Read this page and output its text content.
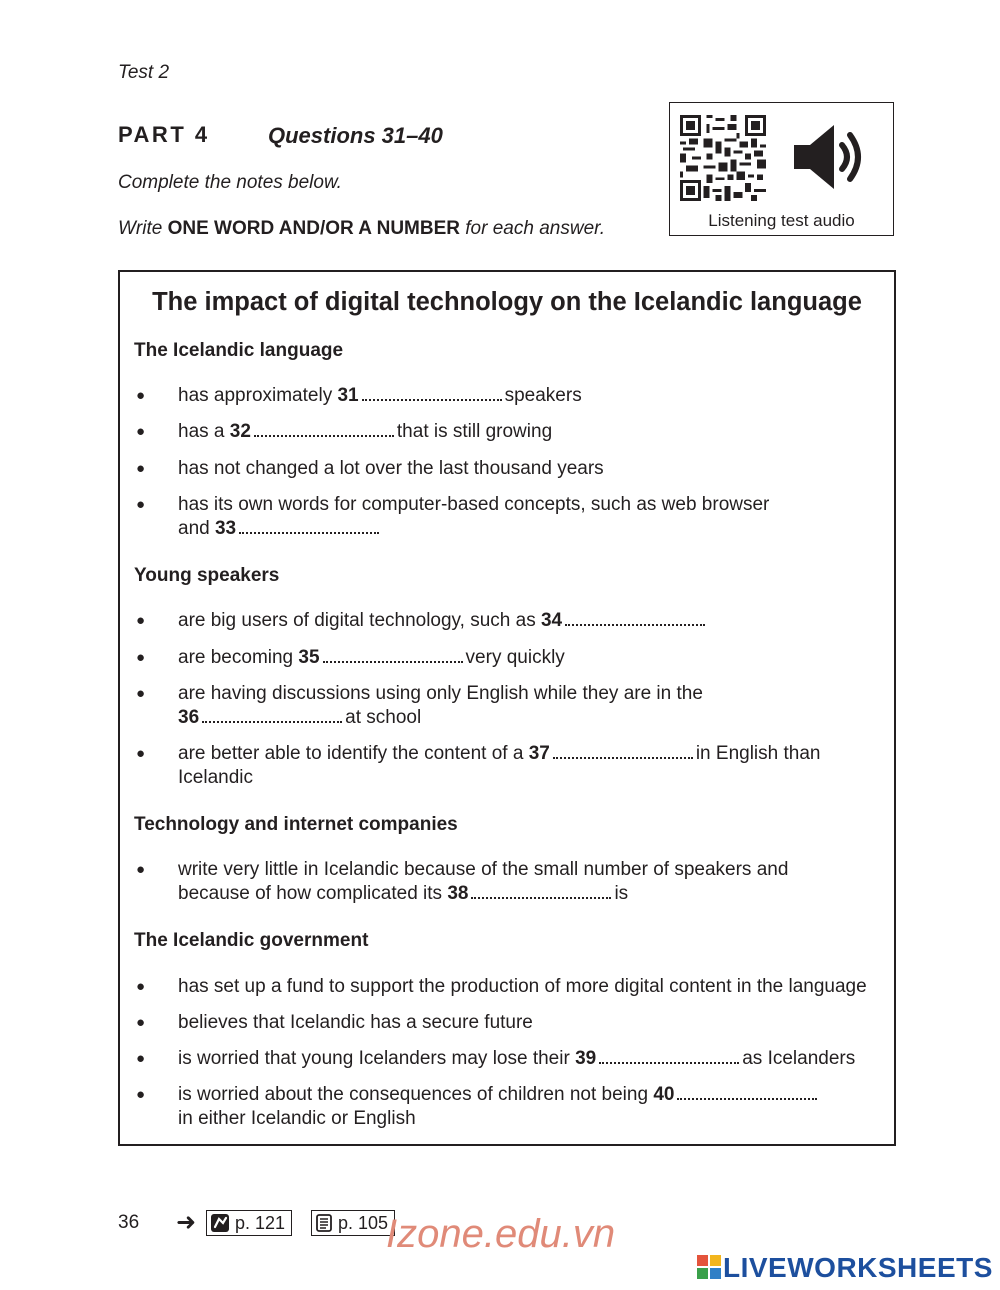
Test 2
PART 4	Questions 31–40
Complete the notes below.
Write ONE WORD AND/OR A NUMBER for each answer.	Listening test audio
The impact of digital technology on the Icelandic language
The Icelandic language
● has approximately 31	speakers
● has a 32	that is still growing
● has not changed a lot over the last thousand years
● has its own words for computer-based concepts, such as web browser
and 33
Young speakers
● are big users of digital technology, such as 34
● are becoming 35	very quickly
● are having discussions using only English while they are in the
36	at school
● are better able to identify the content of a 37	in English than
Icelandic
Technology and internet companies
● write very little in Icelandic because of the small number of speakers and
because of how complicated its 38	is
The Icelandic government
● has set up a fund to support the production of more digital content in the language
● believes that Icelandic has a secure future
● is worried that young Icelanders may lose their 39	as Icelanders
● is worried about the consequences of children not being 40
in either Icelandic or English
36 ➜	p. 121	p. 105
Izone.edu.vn
LIVEWORKSHEETS
